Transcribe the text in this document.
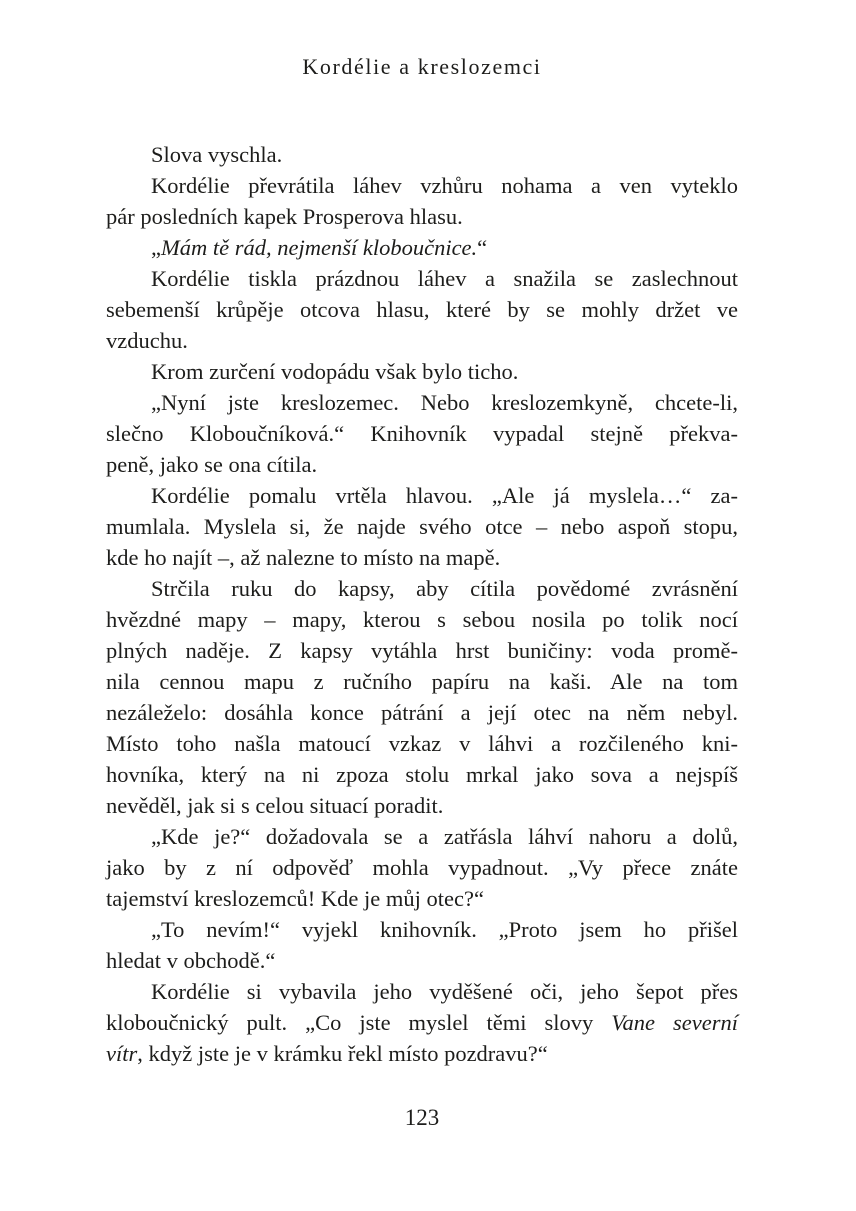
Kordélie a kreslozemci
Slova vyschla.
Kordélie převrátila láhev vzhůru nohama a ven vyteklo
pár posledních kapek Prosperova hlasu.
„Mám tě rád, nejmenší kloboučnice.“
Kordélie tiskla prázdnou láhev a snažila se zaslechnout
sebemenší krůpěje otcova hlasu, které by se mohly držet ve
vzduchu.
Krom zurčení vodopádu však bylo ticho.
„Nyní jste kreslozemec. Nebo kreslozemkyně, chcete-li,
slečno Kloboučníková.“ Knihovník vypadal stejně překva-
peně, jako se ona cítila.
Kordélie pomalu vrtěla hlavou. „Ale já myslela…“ za-
mumlala. Myslela si, že najde svého otce – nebo aspoň stopu,
kde ho najít –, až nalezne to místo na mapě.
Strčila ruku do kapsy, aby cítila povědomé zvrásnění
hvězdné mapy – mapy, kterou s sebou nosila po tolik nocí
plných naděje. Z kapsy vytáhla hrst buničiny: voda promě-
nila cennou mapu z ručního papíru na kaši. Ale na tom
nezáleželo: dosáhla konce pátrání a její otec na něm nebyl.
Místo toho našla matoucí vzkaz v láhvi a rozčileného kni-
hovníka, který na ni zpoza stolu mrkal jako sova a nejspíš
nevěděl, jak si s celou situací poradit.
„Kde je?“ dožadovala se a zatřásla láhví nahoru a dolů,
jako by z ní odpověď mohla vypadnout. „Vy přece znáte
tajemství kreslozemců! Kde je můj otec?“
„To nevím!“ vyjekl knihovník. „Proto jsem ho přišel
hledat v obchodě.“
Kordélie si vybavila jeho vyděšené oči, jeho šepot přes
kloboučnický pult. „Co jste myslel těmi slovy Vane severní
vítr, když jste je v krámku řekl místo pozdravu?“
123
